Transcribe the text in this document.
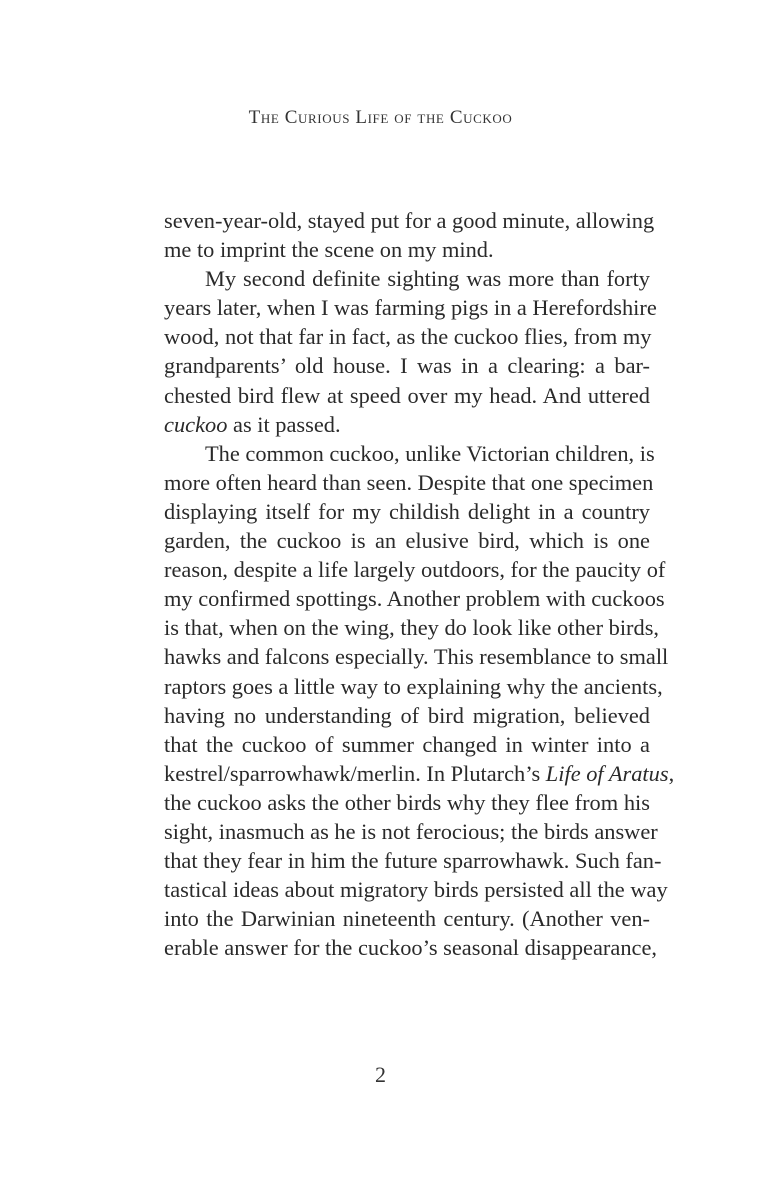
The Curious Life of the Cuckoo
seven-year-old, stayed put for a good minute, allowing
me to imprint the scene on my mind.
My second definite sighting was more than forty
years later, when I was farming pigs in a Herefordshire
wood, not that far in fact, as the cuckoo flies, from my
grandparents’ old house. I was in a clearing: a bar-
chested bird flew at speed over my head. And uttered
cuckoo as it passed.
The common cuckoo, unlike Victorian children, is
more often heard than seen. Despite that one specimen
displaying itself for my childish delight in a country
garden, the cuckoo is an elusive bird, which is one
reason, despite a life largely outdoors, for the paucity of
my confirmed spottings. Another problem with cuckoos
is that, when on the wing, they do look like other birds,
hawks and falcons especially. This resemblance to small
raptors goes a little way to explaining why the ancients,
having no understanding of bird migration, believed
that the cuckoo of summer changed in winter into a
kestrel/sparrowhawk/merlin. In Plutarch’s Life of Aratus,
the cuckoo asks the other birds why they flee from his
sight, inasmuch as he is not ferocious; the birds answer
that they fear in him the future sparrowhawk. Such fan-
tastical ideas about migratory birds persisted all the way
into the Darwinian nineteenth century. (Another ven-
erable answer for the cuckoo’s seasonal disappearance,
2
